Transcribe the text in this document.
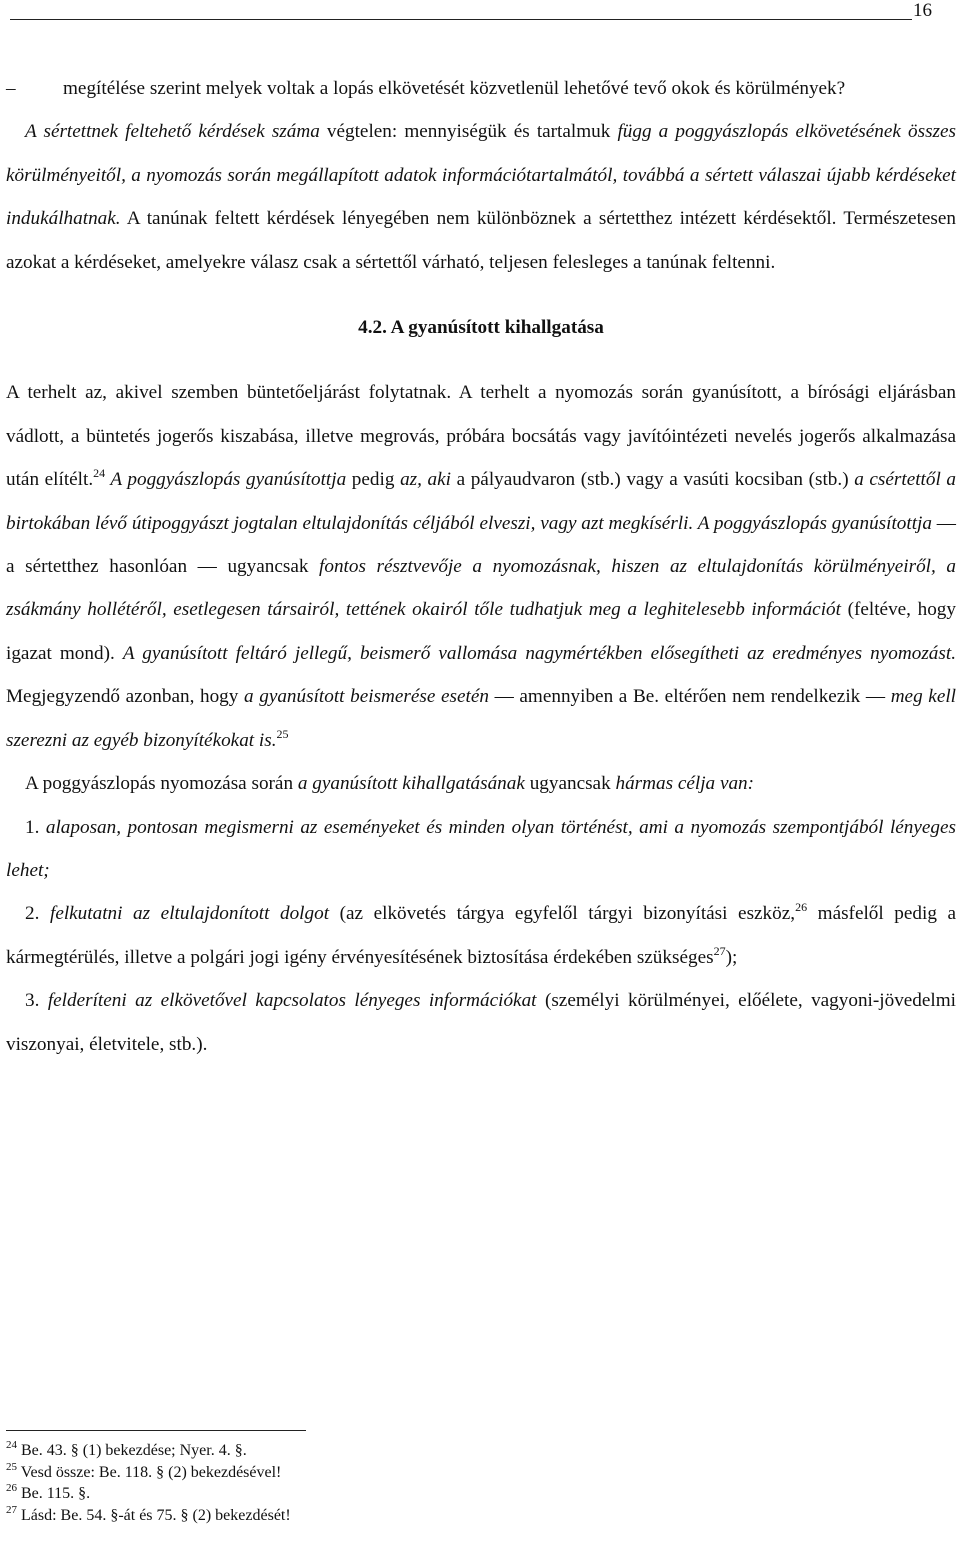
16
–	megítélése szerint melyek voltak a lopás elkövetését közvetlenül lehetővé tevő okok és körülmények?

A sértettnek feltehető kérdések száma végtelen: mennyiségük és tartalmuk függ a poggyászlopás elkövetésének összes körülményeitől, a nyomozás során megállapított adatok információtartalmától, továbbá a sértett válaszai újabb kérdéseket indukálhatnak. A tanúnak feltett kérdések lényegében nem különböznek a sértetthez intézett kérdésektől. Természetesen azokat a kérdéseket, amelyekre válasz csak a sértettől várható, teljesen felesleges a tanúnak feltenni.

4.2. A gyanúsított kihallgatása

A terhelt az, akivel szemben büntetőeljárást folytatnak. A terhelt a nyomozás során gyanúsított, a bírósági eljárásban vádlott, a büntetés jogerős kiszabása, illetve megrovás, próbára bocsátás vagy javítóintézeti nevelés jogerős alkalmazása után elítélt.$^{24}$ A poggyászlopás gyanúsítottja pedig az, aki a pályaudvaron (stb.) vagy a vasúti kocsiban (stb.) a csértettől a birtokában lévő útipoggyászt jogtalan eltulajdonítás céljából elveszi, vagy azt megkísérli. A poggyászlopás gyanúsítottja — a sértetthez hasonlóan — ugyancsak fontos résztvevője a nyomozásnak, hiszen az eltulajdonítás körülményeiről, a zsákmány hollétéről, esetlegesen társairól, tettének okairól tőle tudhatjuk meg a leghitelesebb információt (feltéve, hogy igazat mond). A gyanúsított feltáró jellegű, beismerő vallomása nagymértékben elősegítheti az eredményes nyomozást. Megjegyzendő azonban, hogy a gyanúsított beismerése esetén — amennyiben a Be. eltérően nem rendelkezik — meg kell szerezni az egyéb bizonyítékokat is.$^{25}$

A poggyászlopás nyomozása során a gyanúsított kihallgatásának ugyancsak hármas célja van:

1. alaposan, pontosan megismerni az eseményeket és minden olyan történést, ami a nyomozás szempontjából lényeges lehet;

2. felkutatni az eltulajdonított dolgot (az elkövetés tárgya egyfelől tárgyi bizonyítási eszköz,$^{26}$ másfelől pedig a kármegtérülés, illetve a polgári jogi igény érvényesítésének biztosítása érdekében szükséges$^{27}$);

3. felderíteni az elkövetővel kapcsolatos lényeges információkat (személyi körülményei, előélete, vagyoni-jövedelmi viszonyai, életvitele, stb.).

$^{24}$ Be. 43. § (1) bekezdése; Nyer. 4. §.
$^{25}$ Vesd össze: Be. 118. § (2) bekezdésével!
$^{26}$ Be. 115. §.
$^{27}$ Lásd: Be. 54. §-át és 75. § (2) bekezdését!
